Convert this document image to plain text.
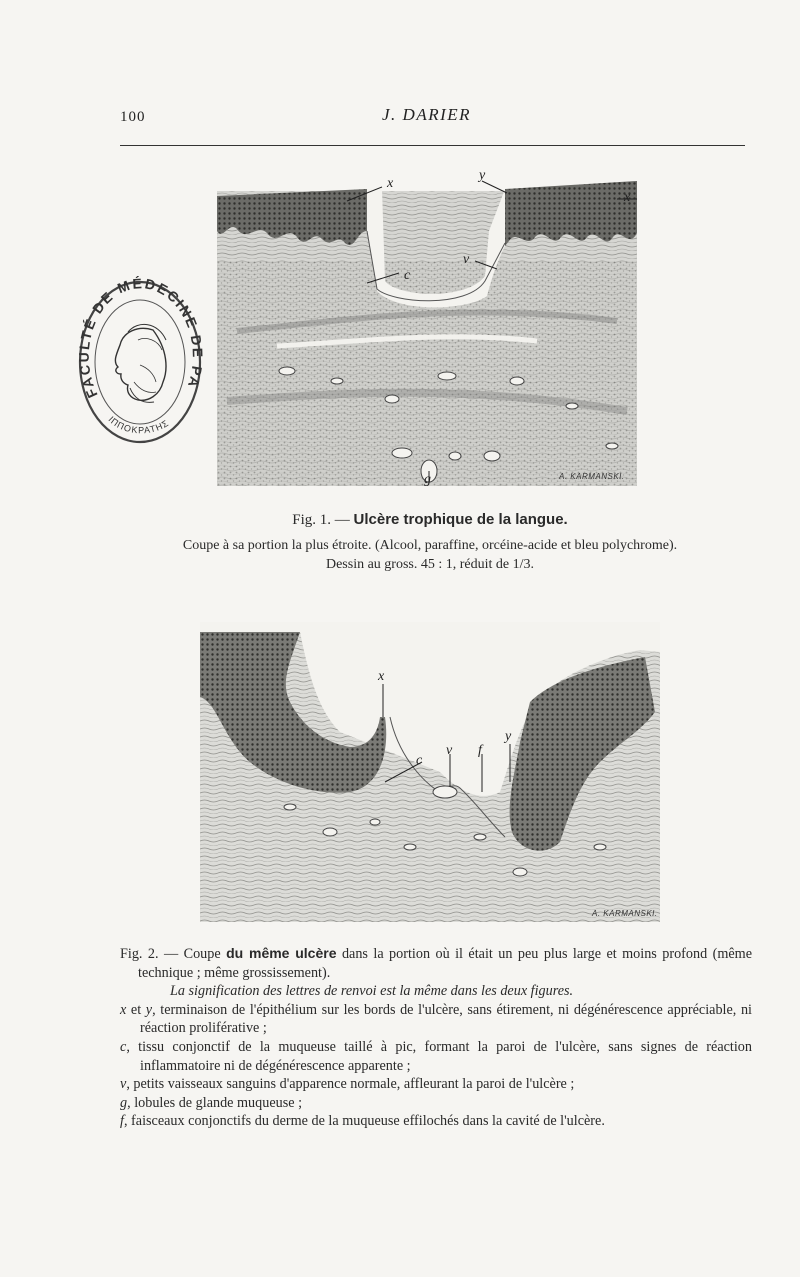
100	J. DARIER
FACULTÉ DE MÉDECINE DE PA
ΙΠΠΟΚΡΑΤΗΣ
x
y
x
c
v
g	A. KARMANSKI.
Fig. 1. — Ulcère trophique de la langue.
Coupe à sa portion la plus étroite. (Alcool, paraffine, orcéine-acide et bleu polychrome). Dessin au gross. 45 : 1, réduit de 1/3.
x
c
v f
y
A. KARMANSKI.

Fig. 2. — Coupe du même ulcère dans la portion où il était un peu plus large et moins profond (même technique ; même grossissement).

La signification des lettres de renvoi est la même dans les deux figures.

x et y, terminaison de l'épithélium sur les bords de l'ulcère, sans étirement, ni dégénérescence appréciable, ni réaction proliférative ;

c, tissu conjonctif de la muqueuse taillé à pic, formant la paroi de l'ulcère, sans signes de réaction inflammatoire ni de dégénérescence apparente ;

v, petits vaisseaux sanguins d'apparence normale, affleurant la paroi de l'ulcère ;

g, lobules de glande muqueuse ;

f, faisceaux conjonctifs du derme de la muqueuse effilochés dans la cavité de l'ulcère.
